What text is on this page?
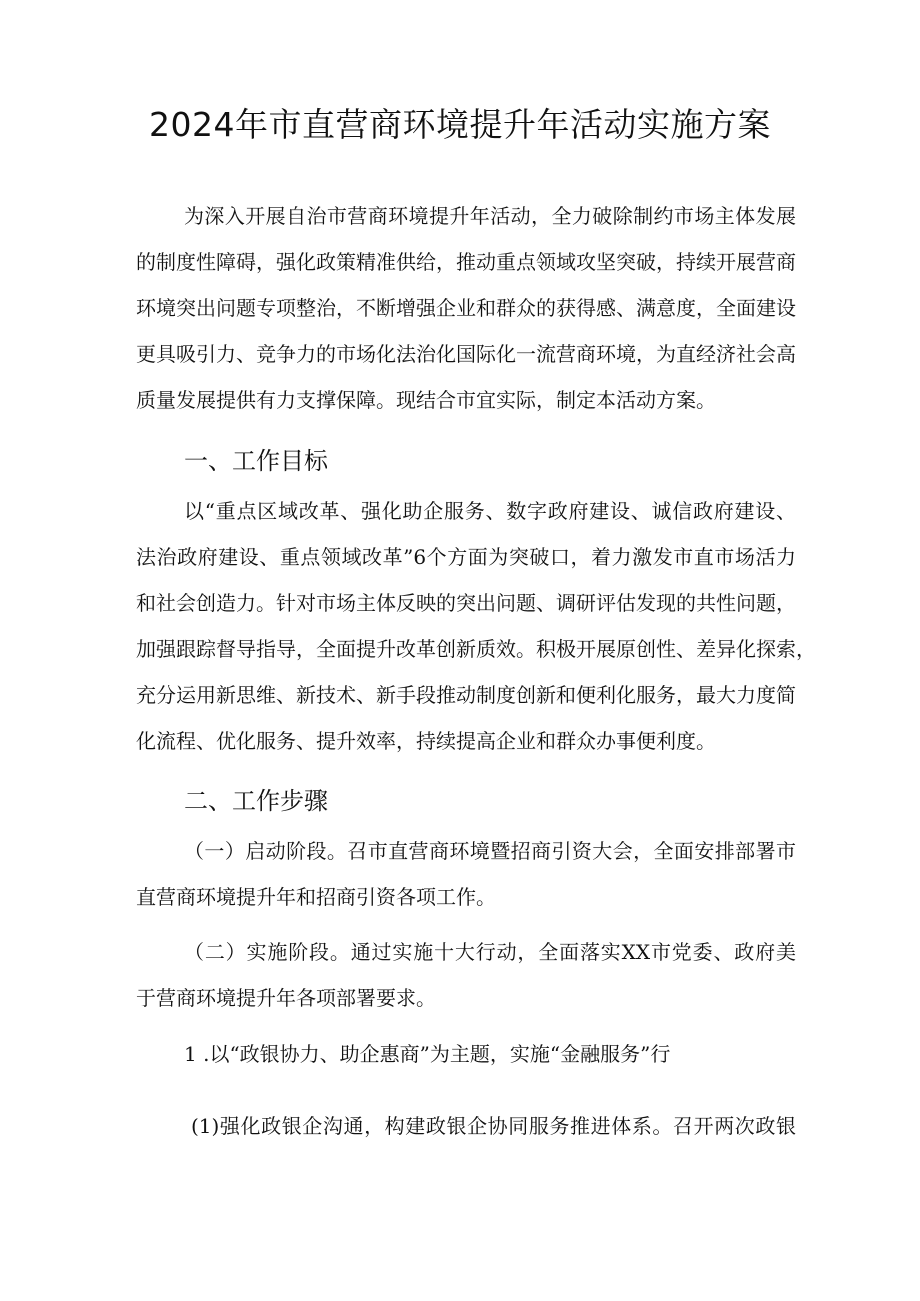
2024年市直营商环境提升年活动实施方案
为深入开展自治市营商环境提升年活动，全力破除制约市场主体发展
的制度性障碍，强化政策精准供给，推动重点领域攻坚突破，持续开展营商
环境突出问题专项整治，不断增强企业和群众的获得感、满意度，全面建设
更具吸引力、竞争力的市场化法治化国际化一流营商环境，为直经济社会高
质量发展提供有力支撑保障。现结合市宜实际，制定本活动方案。
一、工作目标
以“重点区域改革、强化助企服务、数字政府建设、诚信政府建设、
法治政府建设、重点领域改革”6个方面为突破口，着力激发市直市场活力
和社会创造力。针对市场主体反映的突出问题、调研评估发现的共性问题，
加强跟踪督导指导，全面提升改革创新质效。积极开展原创性、差异化探索，
充分运用新思维、新技术、新手段推动制度创新和便利化服务，最大力度简
化流程、优化服务、提升效率，持续提高企业和群众办事便利度。
二、工作步骤
（一）启动阶段。召市直营商环境暨招商引资大会，全面安排部署市
直营商环境提升年和招商引资各项工作。
（二）实施阶段。通过实施十大行动，全面落实XX市党委、政府美
于营商环境提升年各项部署要求。
1 .以“政银协力、助企惠商”为主题，实施“金融服务”行
(1)强化政银企沟通，构建政银企协同服务推进体系。召开两次政银
